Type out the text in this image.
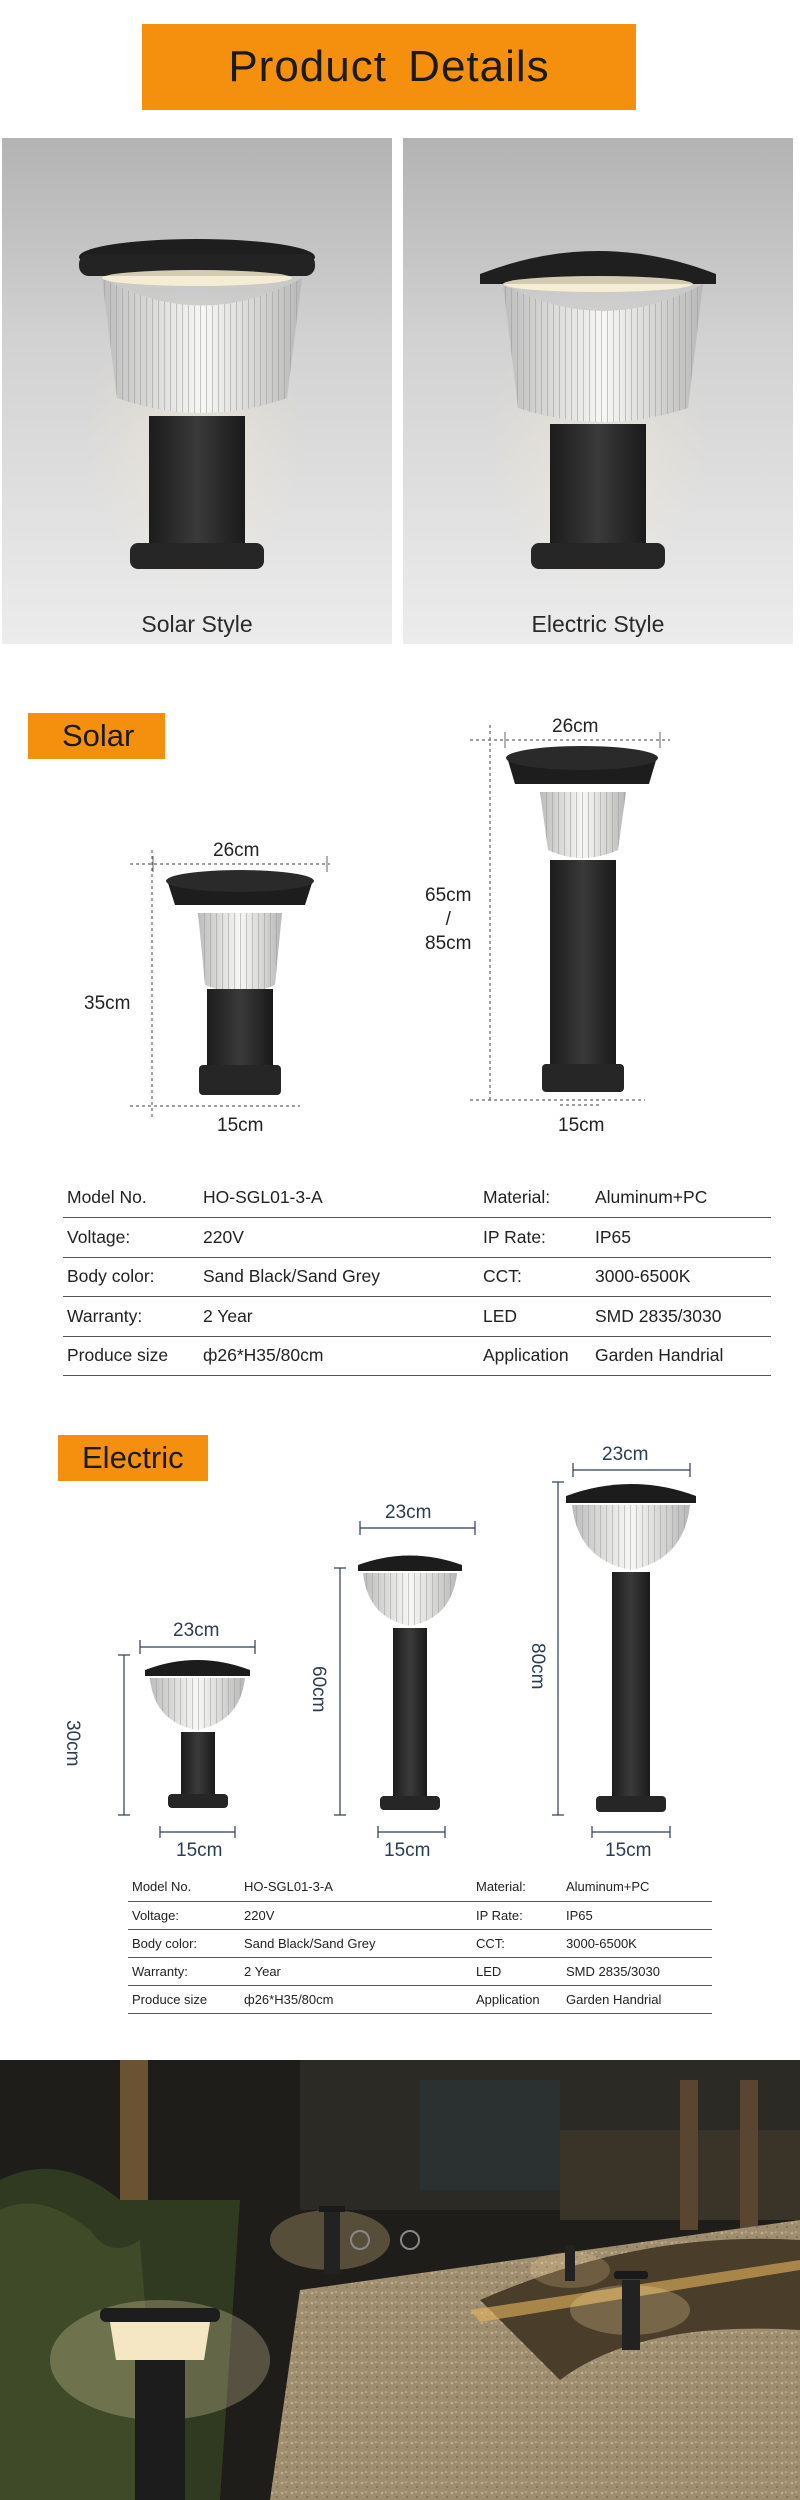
Product Details
Solar Style	Electric Style
Solar
26cm
35cm
15cm
26cm
65cm
/
85cm
15cm
Model No.	HO-SGL01-3-A	Material:	Aluminum+PC
Voltage:	220V	IP Rate:	IP65
Body color:	Sand Black/Sand Grey	CCT:	3000-6500K
Warranty:	2 Year	LED	SMD 2835/3030
Produce size	ф26*H35/80cm	Application	Garden Handrial
Electric
23cm
30cm
15cm
23cm
60cm
15cm
23cm
80cm
15cm
Model No.	HO-SGL01-3-A	Material:	Aluminum+PC
Voltage:	220V	IP Rate:	IP65
Body color:	Sand Black/Sand Grey	CCT:	3000-6500K
Warranty:	2 Year	LED	SMD 2835/3030
Produce size	ф26*H35/80cm	Application	Garden Handrial
